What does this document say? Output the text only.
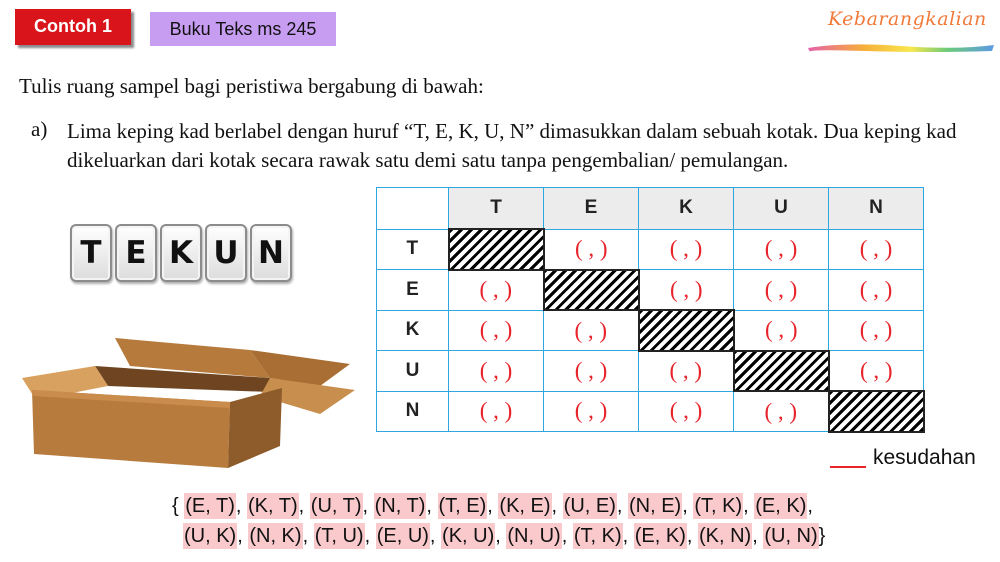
Contoh 1	Buku Teks ms 245	Kebarangkalian
Tulis ruang sampel bagi peristiwa bergabung di bawah:
a) Lima keping kad berlabel dengan huruf “T, E, K, U, N” dimasukkan dalam sebuah kotak. Dua keping kad dikeluarkan dari kotak secara rawak satu demi satu tanpa pengembalian/ pemulangan.
T E K U N
	T	E	K	U	N
T		( , )	( , )	( , )	( , )
E	( , )		( , )	( , )	( , )
K	( , )	( , )		( , )	( , )
U	( , )	( , )	( , )		( , )
N	( , )	( , )	( , )	( , )	
kesudahan
{ (E, T), (K, T), (U, T), (N, T), (T, E), (K, E), (U, E), (N, E), (T, K), (E, K),
(U, K), (N, K), (T, U), (E, U), (K, U), (N, U), (T, K), (E, K), (K, N), (U, N)}
